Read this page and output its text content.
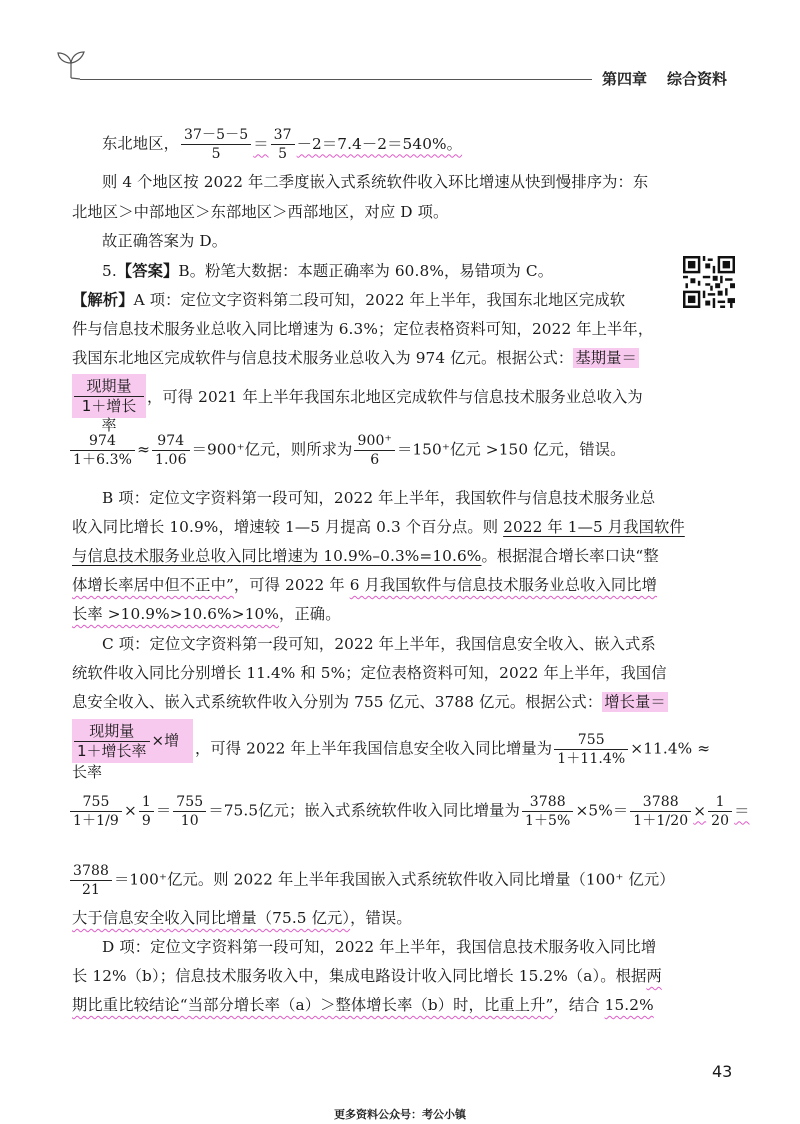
第四章 综合资料
东北地区， $\frac{37-5-5}{5} = \frac{37}{5} -2=7.4-2=540\%$。
则 4 个地区按 2022 年二季度嵌入式系统软件收入环比增速从快到慢排序为：东
北地区＞中部地区＞东部地区＞西部地区，对应 D 项。
故正确答案为 D。
5.【答案】B。粉笔大数据：本题正确率为 60.8%，易错项为 C。
【解析】A 项：定位文字资料第二段可知，2022 年上半年，我国东北地区完成软
件与信息技术服务业总收入同比增速为 6.3%；定位表格资料可知，2022 年上半年，
我国东北地区完成软件与信息技术服务业总收入为 974 亿元。根据公式： 基期量＝
现期量
1＋增长率
，可得 2021 年上半年我国东北地区完成软件与信息技术服务业总收入为
$\frac{974}{1+6.3\%} \approx \frac{974}{1.06} =900^+$亿元，则所求为 $\frac{900^+}{6} =150^+$亿元 >150 亿元，错误。
B 项：定位文字资料第一段可知，2022 年上半年，我国软件与信息技术服务业总
收入同比增长 10.9%，增速较 1—5 月提高 0.3 个百分点。则 2022 年 1—5 月我国软件
与信息技术服务业总收入同比增速为 10.9%–0.3%=10.6%。根据混合增长率口诀“整
体增长率居中但不正中”，可得 2022 年 6 月我国软件与信息技术服务业总收入同比增
长率 >10.9%>10.6%>10%，正确。
C 项：定位文字资料第一段可知，2022 年上半年，我国信息安全收入、嵌入式系
统软件收入同比分别增长 11.4% 和 5%；定位表格资料可知，2022 年上半年，我国信
息安全收入、嵌入式系统软件收入分别为 755 亿元、3788 亿元。根据公式： 增长量＝
现期量
1＋增长率
×增长率
，可得 2022 年上半年我国信息安全收入同比增量为 $\frac{755}{1+11.4\%} \times 11.4\%$ ≈
$\frac{755}{1+1/9} \times \frac{1}{9} = \frac{755}{10} =75.5$亿元；嵌入式系统软件收入同比增量为 $\frac{3788}{1+5\%} \times 5\%= \frac{3788}{1+1/20} \times \frac{1}{20}$ ＝
$\frac{3788}{21} =100^+$亿元。则 2022 年上半年我国嵌入式系统软件收入同比增量（100⁺ 亿元）
大于信息安全收入同比增量（75.5 亿元），错误。
D 项：定位文字资料第一段可知，2022 年上半年，我国信息技术服务收入同比增
长 12%（b）；信息技术服务收入中，集成电路设计收入同比增长 15.2%（a）。根据两
期比重比较结论“当部分增长率（a）＞整体增长率（b）时，比重上升”，结合 15.2%
43
更多资料公众号：考公小镇
